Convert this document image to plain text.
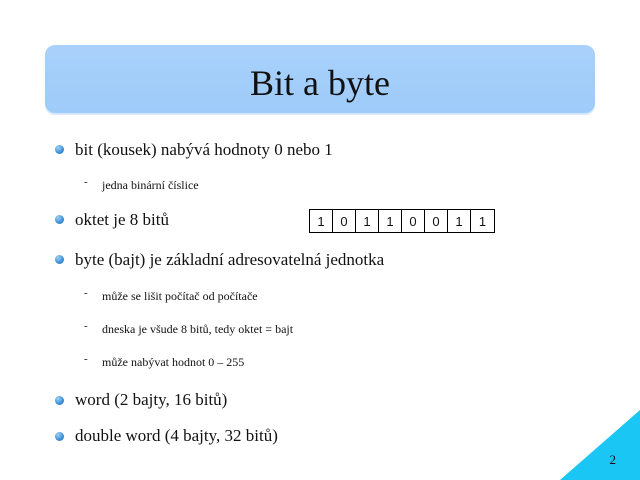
Bit a byte
bit (kousek) nabývá hodnoty 0 nebo 1
- jedna binární číslice
oktet je 8 bitů	1	0	1	1	0	0	1	1
byte (bajt) je základní adresovatelná jednotka
- může se lišit počítač od počítače
- dneska je všude 8 bitů, tedy oktet = bajt
- může nabývat hodnot 0 – 255
word (2 bajty, 16 bitů)
double word (4 bajty, 32 bitů)
2
